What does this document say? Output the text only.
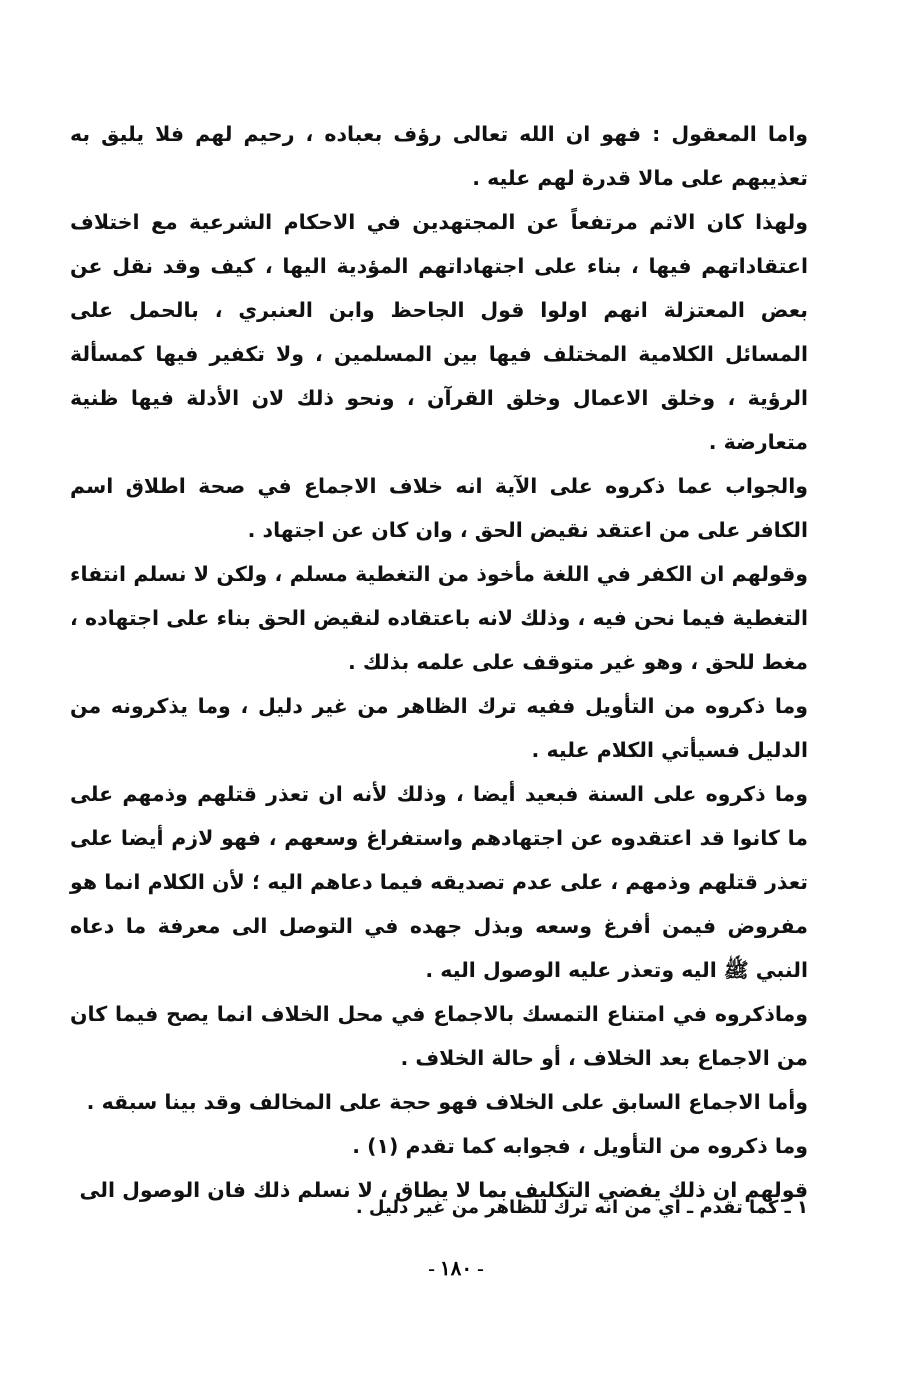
واما المعقول : فهو ان الله تعالى رؤف بعباده ، رحيم لهم فلا يليق به تعذيبهم على مالا قدرة لهم عليه .

ولهذا كان الاثم مرتفعاً عن المجتهدين في الاحكام الشرعية مع اختلاف اعتقاداتهم فيها ، بناء على اجتهاداتهم المؤدية اليها ، كيف وقد نقل عن بعض المعتزلة انهم اولوا قول الجاحظ وابن العنبري ، بالحمل على المسائل الكلامية المختلف فيها بين المسلمين ، ولا تكفير فيها كمسألة الرؤية ، وخلق الاعمال وخلق القرآن ، ونحو ذلك لان الأدلة فيها ظنية متعارضة .

والجواب عما ذكروه على الآية انه خلاف الاجماع في صحة اطلاق اسم الكافر على من اعتقد نقيض الحق ، وان كان عن اجتهاد .

وقولهم ان الكفر في اللغة مأخوذ من التغطية مسلم ، ولكن لا نسلم انتفاء التغطية فيما نحن فيه ، وذلك لانه باعتقاده لنقيض الحق بناء على اجتهاده ، مغط للحق ، وهو غير متوقف على علمه بذلك .

وما ذكروه من التأويل ففيه ترك الظاهر من غير دليل ، وما يذكرونه من الدليل فسيأتي الكلام عليه .

وما ذكروه على السنة فبعيد أيضا ، وذلك لأنه ان تعذر قتلهم وذمهم على ما كانوا قد اعتقدوه عن اجتهادهم واستفراغ وسعهم ، فهو لازم أيضا على تعذر قتلهم وذمهم ، على عدم تصديقه فيما دعاهم اليه ؛ لأن الكلام انما هو مفروض فيمن أفرغ وسعه وبذل جهده في التوصل الى معرفة ما دعاه النبي ﷺ اليه وتعذر عليه الوصول اليه .

وماذكروه في امتناع التمسك بالاجماع في محل الخلاف انما يصح فيما كان من الاجماع بعد الخلاف ، أو حالة الخلاف .

وأما الاجماع السابق على الخلاف فهو حجة على المخالف وقد بينا سبقه .

وما ذكروه من التأويل ، فجوابه كما تقدم (١) .

قولهم ان ذلك يفضي التكليف بما لا يطاق ، لا نسلم ذلك فان الوصول الى

١ ـ كما تقدم ـ اي من انه ترك للظاهر من غير دليل .
- ١٨٠ -
